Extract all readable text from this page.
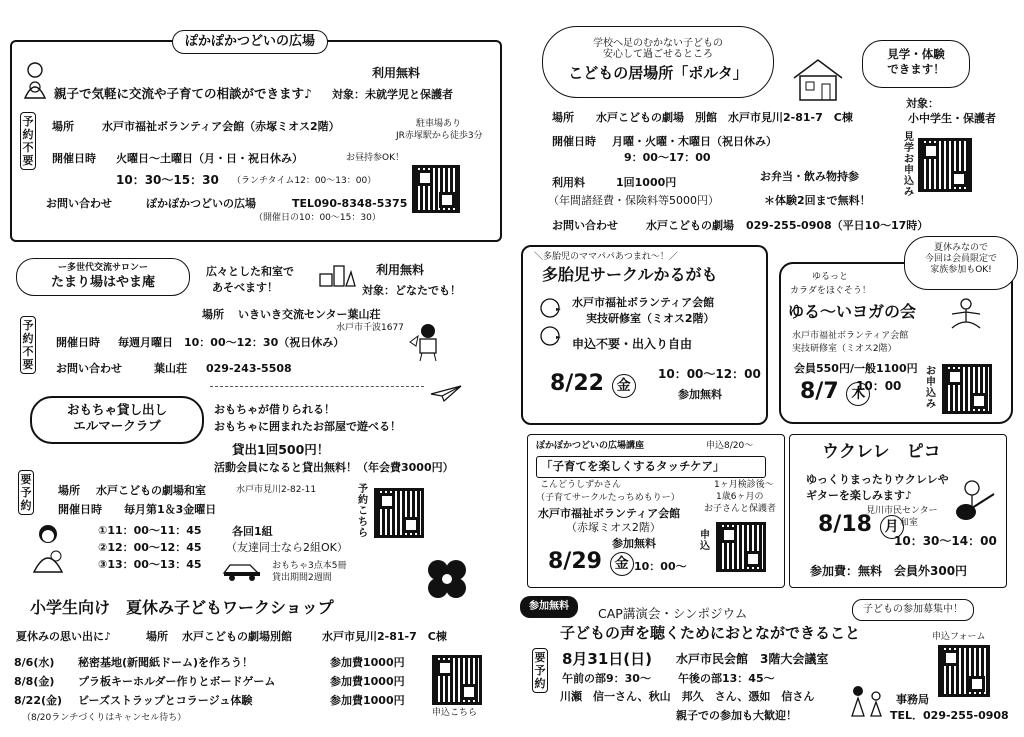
ぽかぽかつどいの広場
利用無料
親子で気軽に交流や子育ての相談ができます♪ 対象：未就学児と保護者
予約不要
場所	水戸市福祉ボランティア会館（赤塚ミオス2階）	駐車場あり
JR赤塚駅から徒歩3分
開催日時 火曜日～土曜日（月・日・祝日休み）	お昼持参OK！
10：30～15：30 （ランチタイム12：00～13：00）
お問い合わせ	ぽかぽかつどいの広場	TEL090-8348-5375
（開催日の10：00～15：30）
ー多世代交流サロンー
たまり場はやま庵
広々とした和室で
あそべます！
利用無料
対象：どなたでも！
予約不要
場所 いきいき交流センター葉山荘
水戸市千波1677
開催日時 毎週月曜日　10：00～12：30（祝日休み）
お問い合わせ	葉山荘 029-243-5508
おもちゃ貸し出し
エルマークラブ
おもちゃが借りられる！
おもちゃに囲まれたお部屋で遊べる！
貸出1回500円！
活動会員になると貸出無料！（年会費3000円）
要予約
場所 水戸こどもの劇場和室	水戸市見川2-82-11
開催日時 毎月第1＆3金曜日
予約こちら
①11：00～11：45
②12：00～12：45
③13：00～13：45
各回1組
（友達同士なら2組OK）
おもちゃ3点本5冊
貸出期間2週間
小学生向け　夏休み子どもワークショップ
夏休みの思い出に♪	場所 水戸こどもの劇場別館	水戸市見川2-81-7　C棟
8/6(水) 秘密基地(新聞紙ドーム)を作ろう！	参加費1000円
8/8(金) プラ板キーホルダー作りとボードゲーム	参加費1000円
8/22(金) ビーズストラップとコラージュ体験	参加費1000円
（8/20ランチづくりはキャンセル待ち）	申込こちら
学校へ足のむかない子どもの
安心して過ごせるところ
こどもの居場所「ポルタ」
見学・体験
できます！
場所 水戸こどもの劇場　別館　水戸市見川2-81-7　C棟
対象：
小中学生・保護者
開催日時 月曜・火曜・木曜日（祝日休み）
9：00～17：00
見学お申込み
お弁当・飲み物持参
利用料	1回1000円
（年間諸経費・保険料等5000円）	＊体験2回まで無料！
お問い合わせ	水戸こどもの劇場 029-255-0908（平日10～17時）
＼多胎児のママパパあつまれ～！／
多胎児サークルかるがも
水戸市福祉ボランティア会館
実技研修室（ミオス2階）
申込不要・出入り自由
8/22 金
10：00～12：00
参加無料
夏休みなので
今回は会員限定で
家族参加もOK!
ゆるっと
カラダをほぐそう！
ゆる～いヨガの会
水戸市福祉ボランティア会館
実技研修室（ミオス2階）
会員550円/一般1100円
8/7 木
10：00
お申込み
ぽかぽかつどいの広場講座	申込8/20～
「子育てを楽しくするタッチケア」
こんどうしずかさん
（子育てサークルたっちめもりー）
1ヶ月検診後～
1歳6ヶ月の
お子さんと保護者
水戸市福祉ボランティア会館
（赤塚ミオス2階）
参加無料
8/29 金 10：00～
申込
ウクレレ　ピコ
ゆっくりまったりウクレレや
ギターを楽しみます♪
8/18 月
見川市民センター
和室
10：30～14：00
参加費：無料　会員外300円
参加無料	CAP講演会・シンポジウム	子どもの参加募集中！
子どもの声を聴くためにおとなができること
要予約
8月31日(日) 水戸市民会館　3階大会議室
午前の部9：30～ 午後の部13：45～
川瀬　信一さん、秋山　邦久　さん、憑如　信さん
親子での参加も大歓迎！
申込フォーム
事務局
TEL．029-255-0908
